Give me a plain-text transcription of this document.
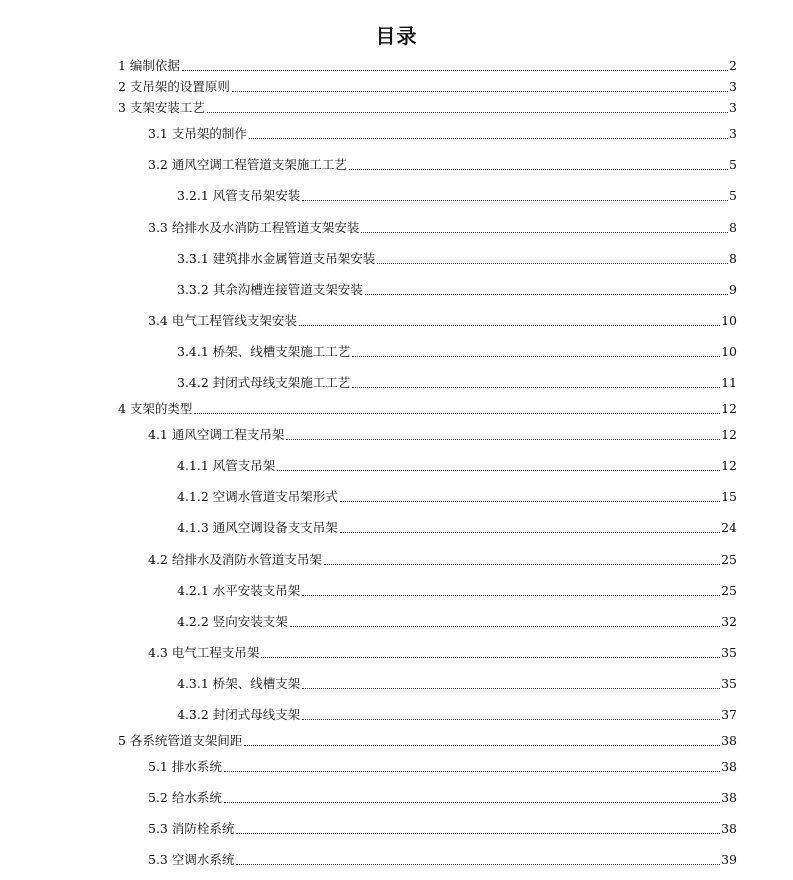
目录
1 编制依据	2
2 支吊架的设置原则	3
3 支架安装工艺	3
3.1 支吊架的制作	3
3.2 通风空调工程管道支架施工工艺	5
3.2.1 风管支吊架安装	5
3.3 给排水及水消防工程管道支架安装	8
3.3.1 建筑排水金属管道支吊架安装	8
3.3.2 其余沟槽连接管道支架安装	9
3.4 电气工程管线支架安装	10
3.4.1 桥架、线槽支架施工工艺	10
3.4.2 封闭式母线支架施工工艺	11
4 支架的类型	12
4.1 通风空调工程支吊架	12
4.1.1 风管支吊架	12
4.1.2 空调水管道支吊架形式	15
4.1.3 通风空调设备支支吊架	24
4.2 给排水及消防水管道支吊架	25
4.2.1 水平安装支吊架	25
4.2.2 竖向安装支架	32
4.3 电气工程支吊架	35
4.3.1 桥架、线槽支架	35
4.3.2 封闭式母线支架	37
5 各系统管道支架间距	38
5.1 排水系统	38
5.2 给水系统	38
5.3 消防栓系统	38
5.3 空调水系统	39
